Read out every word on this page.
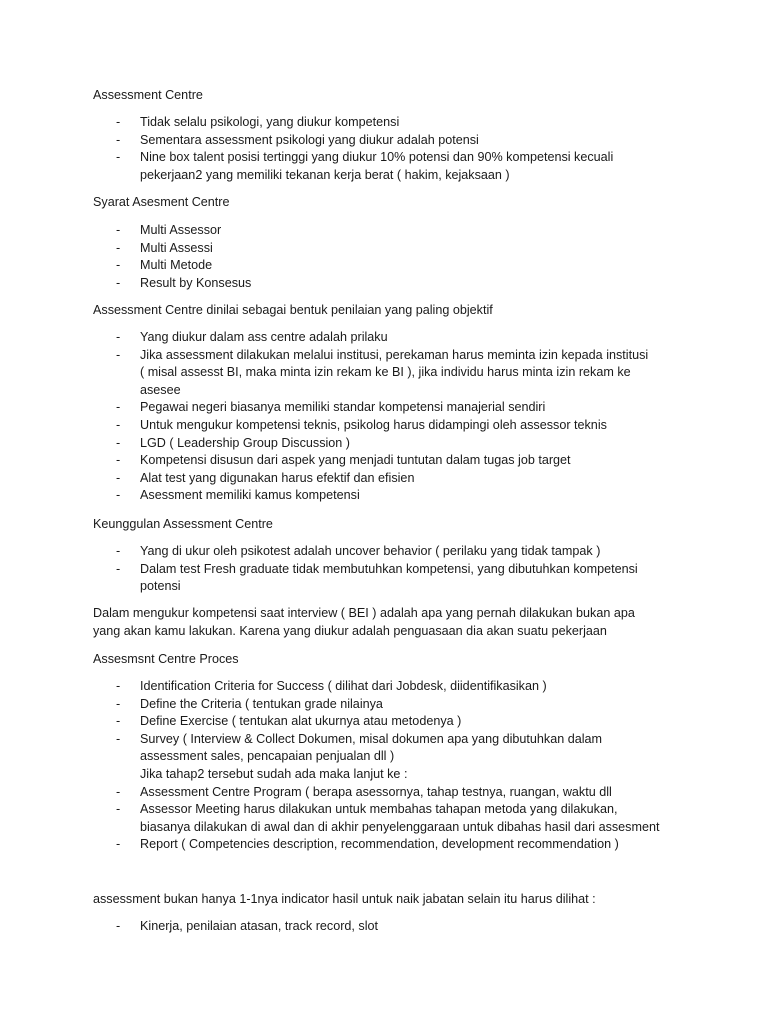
Assessment Centre

- Tidak selalu psikologi, yang diukur kompetensi
- Sementara assessment psikologi yang diukur adalah potensi
- Nine box talent posisi tertinggi yang diukur 10% potensi dan 90% kompetensi kecuali
pekerjaan2 yang memiliki tekanan kerja berat ( hakim, kejaksaan )

Syarat Asesment Centre

- Multi Assessor
- Multi Assessi
- Multi Metode
- Result by Konsesus

Assessment Centre dinilai sebagai bentuk penilaian yang paling objektif

- Yang diukur dalam ass centre adalah prilaku
- Jika assessment dilakukan melalui institusi, perekaman harus meminta izin kepada institusi
( misal assesst BI, maka minta izin rekam ke BI ), jika individu harus minta izin rekam ke
asesee
- Pegawai negeri biasanya memiliki standar kompetensi manajerial sendiri
- Untuk mengukur kompetensi teknis, psikolog harus didampingi oleh assessor teknis
- LGD ( Leadership Group Discussion )
- Kompetensi disusun dari aspek yang menjadi tuntutan dalam tugas job target
- Alat test yang digunakan harus efektif dan efisien
- Asessment memiliki kamus kompetensi

Keunggulan Assessment Centre

- Yang di ukur oleh psikotest adalah uncover behavior ( perilaku yang tidak tampak )
- Dalam test Fresh graduate tidak membutuhkan kompetensi, yang dibutuhkan kompetensi
potensi

Dalam mengukur kompetensi saat interview ( BEI ) adalah apa yang pernah dilakukan bukan apa
yang akan kamu lakukan. Karena yang diukur adalah penguasaan dia akan suatu pekerjaan

Assesmsnt Centre Proces

- Identification Criteria for Success ( dilihat dari Jobdesk, diidentifikasikan )
- Define the Criteria ( tentukan grade nilainya
- Define Exercise ( tentukan alat ukurnya atau metodenya )
- Survey ( Interview & Collect Dokumen, misal dokumen apa yang dibutuhkan dalam
assessment sales, pencapaian penjualan dll )
Jika tahap2 tersebut sudah ada maka lanjut ke :
- Assessment Centre Program ( berapa asessornya, tahap testnya, ruangan, waktu dll
- Assessor Meeting harus dilakukan untuk membahas tahapan metoda yang dilakukan,
biasanya dilakukan di awal dan di akhir penyelenggaraan untuk dibahas hasil dari assesment
- Report ( Competencies description, recommendation, development recommendation )

assessment bukan hanya 1-1nya indicator hasil untuk naik jabatan selain itu harus dilihat :

- Kinerja, penilaian atasan, track record, slot
